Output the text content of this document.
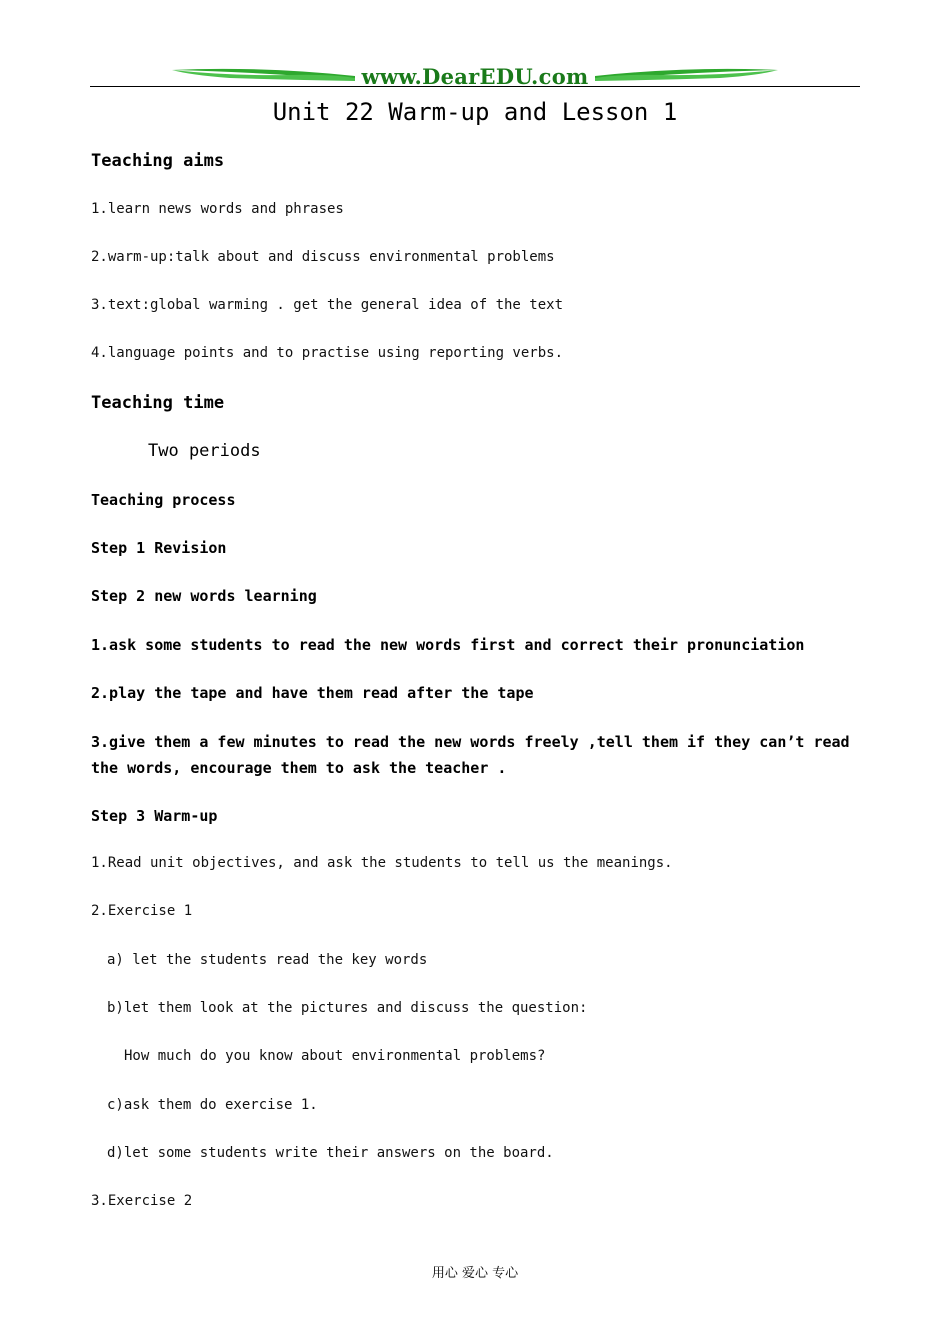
www.DearEDU.com
Unit 22 Warm-up and Lesson 1
Teaching aims
1.learn news words and phrases
2.warm-up:talk about and discuss environmental problems
3.text:global warming . get the general idea of the text
4.language points and to practise using reporting verbs.
Teaching time
Two periods
Teaching process
Step 1 Revision
Step 2 new words learning
1.ask some students to read the new words first and correct their pronunciation
2.play the tape and have them read after the tape
3.give them a few minutes to read the new words freely ,tell them if they can’t read the words, encourage them to ask the teacher .
Step 3 Warm-up
1.Read unit objectives, and ask the students to tell us the meanings.
2.Exercise 1
a) let the students read the key words
b)let them look at the pictures and discuss the question:
How much do you know about environmental problems?
c)ask them do exercise 1.
d)let some students write their answers on the board.
3.Exercise 2
用心 爱心 专心
